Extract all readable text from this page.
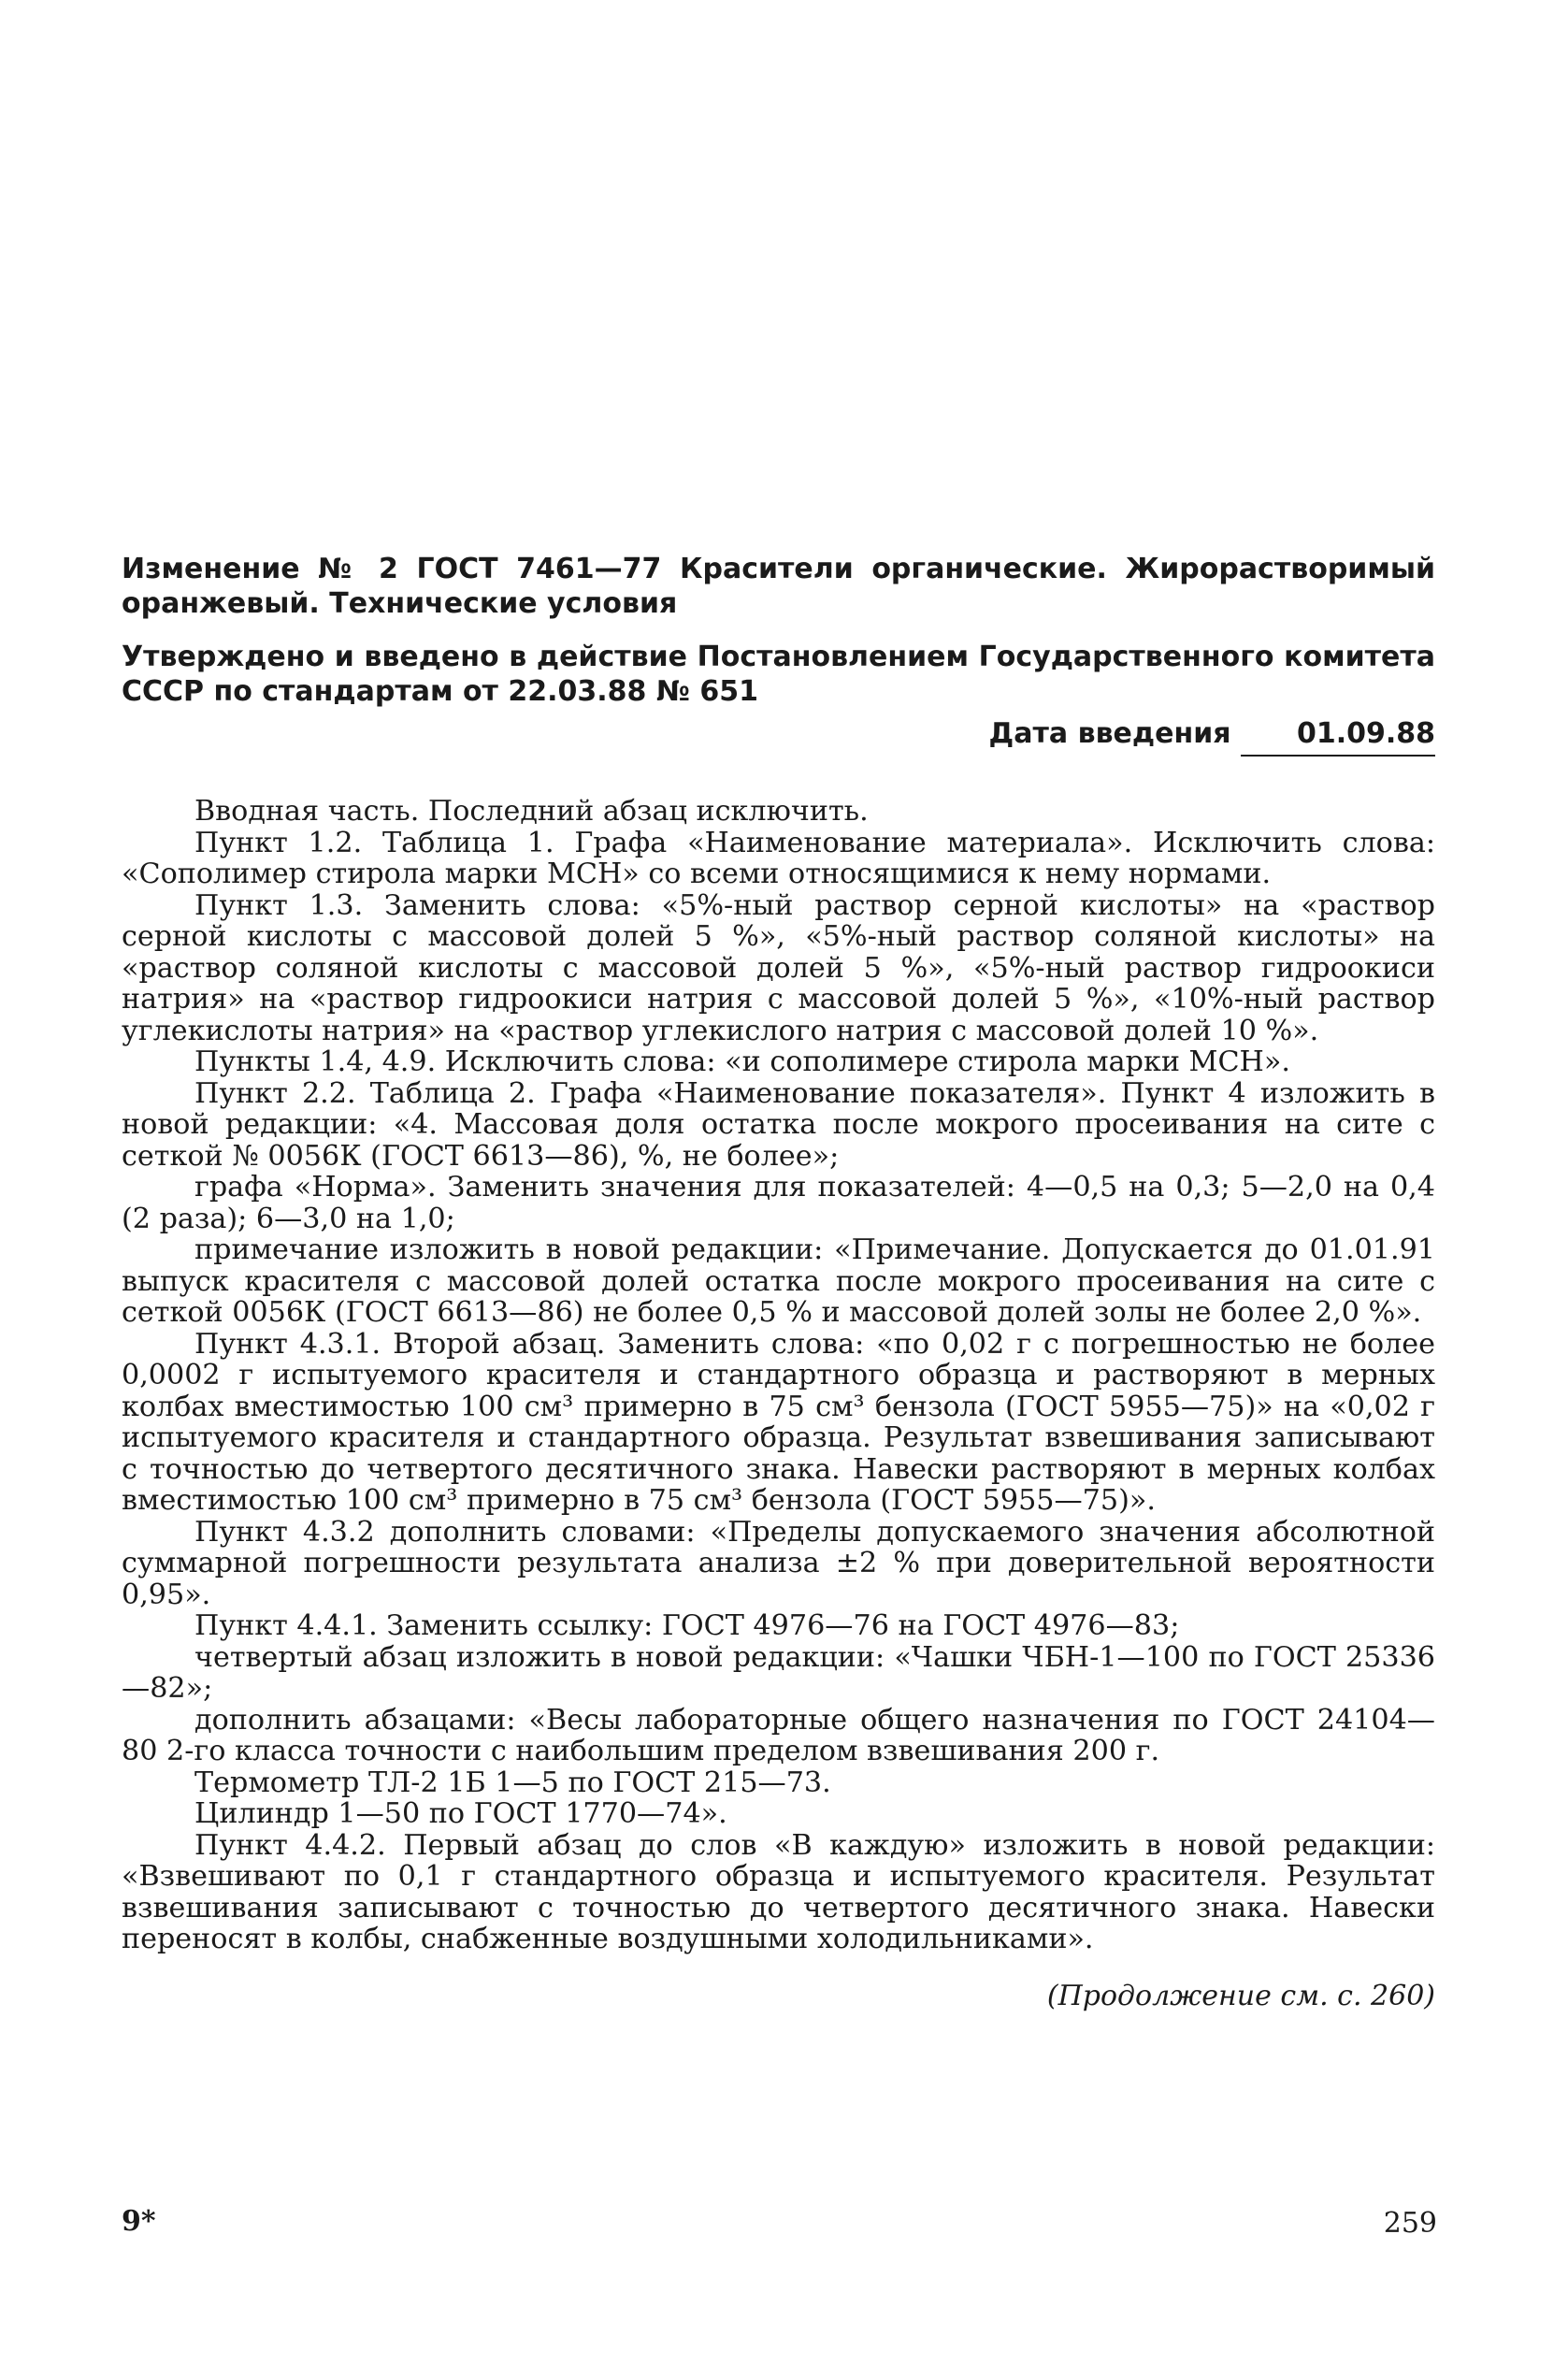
Изменение № 2 ГОСТ 7461—77 Красители органические. Жирорастворимый оранжевый. Технические условия

Утверждено и введено в действие Постановлением Государственного комитета СССР по стандартам от 22.03.88 № 651

Дата введения 01.09.88

Вводная часть. Последний абзац исключить.

Пункт 1.2. Таблица 1. Графа «Наименование материала». Исключить слова: «Сополимер стирола марки МСН» со всеми относящимися к нему нормами.

Пункт 1.3. Заменить слова: «5%-ный раствор серной кислоты» на «раствор серной кислоты с массовой долей 5 %», «5%-ный раствор соляной кислоты» на «раствор соляной кислоты с массовой долей 5 %», «5%-ный раствор гидроокиси натрия» на «раствор гидроокиси натрия с массовой долей 5 %», «10%-ный раствор углекислоты натрия» на «раствор углекислого натрия с массовой долей 10 %».

Пункты 1.4, 4.9. Исключить слова: «и сополимере стирола марки МСН».

Пункт 2.2. Таблица 2. Графа «Наименование показателя». Пункт 4 изложить в новой редакции: «4. Массовая доля остатка после мокрого просеивания на сите с сеткой № 0056К (ГОСТ 6613—86), %, не более»;

графа «Норма». Заменить значения для показателей: 4—0,5 на 0,3; 5—2,0 на 0,4 (2 раза); 6—3,0 на 1,0;

примечание изложить в новой редакции: «Примечание. Допускается до 01.01.91 выпуск красителя с массовой долей остатка после мокрого просеивания на сите с сеткой 0056К (ГОСТ 6613—86) не более 0,5 % и массовой долей золы не более 2,0 %».

Пункт 4.3.1. Второй абзац. Заменить слова: «по 0,02 г с погрешностью не более 0,0002 г испытуемого красителя и стандартного образца и растворяют в мерных колбах вместимостью 100 см³ примерно в 75 см³ бензола (ГОСТ 5955—75)» на «0,02 г испытуемого красителя и стандартного образца. Результат взвешивания записывают с точностью до четвертого десятичного знака. Навески растворяют в мерных колбах вместимостью 100 см³ примерно в 75 см³ бензола (ГОСТ 5955—75)».

Пункт 4.3.2 дополнить словами: «Пределы допускаемого значения абсолютной суммарной погрешности результата анализа ±2 % при доверительной вероятности 0,95».

Пункт 4.4.1. Заменить ссылку: ГОСТ 4976—76 на ГОСТ 4976—83;

четвертый абзац изложить в новой редакции: «Чашки ЧБН-1—100 по ГОСТ 25336—82»;

дополнить абзацами: «Весы лабораторные общего назначения по ГОСТ 24104—80 2-го класса точности с наибольшим пределом взвешивания 200 г.

Термометр ТЛ-2 1Б 1—5 по ГОСТ 215—73.

Цилиндр 1—50 по ГОСТ 1770—74».

Пункт 4.4.2. Первый абзац до слов «В каждую» изложить в новой редакции: «Взвешивают по 0,1 г стандартного образца и испытуемого красителя. Результат взвешивания записывают с точностью до четвертого десятичного знака. Навески переносят в колбы, снабженные воздушными холодильниками».

(Продолжение см. с. 260)
9*	259
